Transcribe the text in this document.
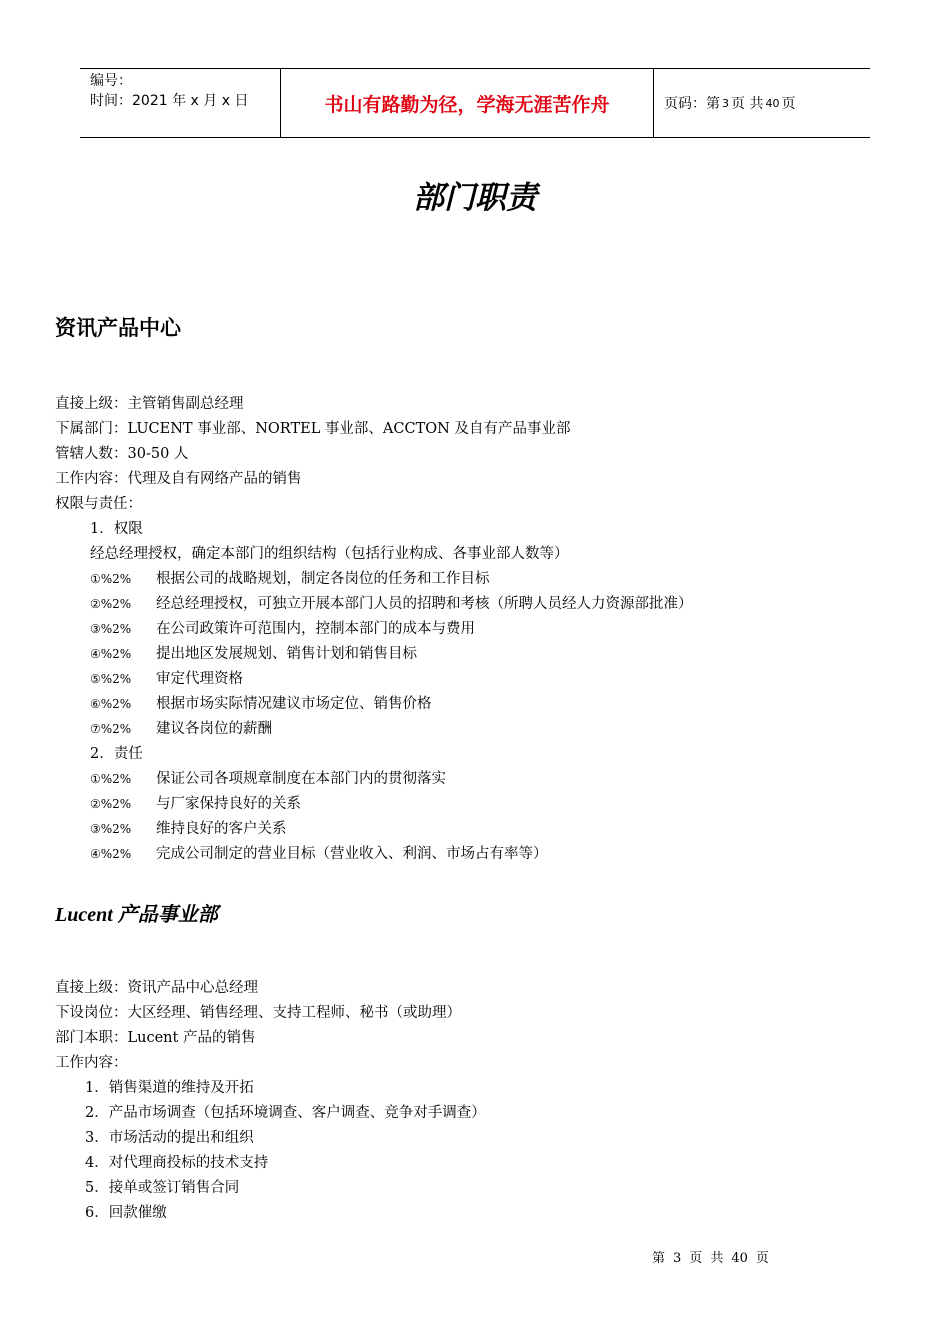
编号：
时间：2021 年 x 月 x 日	书山有路勤为径，学海无涯苦作舟	页码：第 3 页 共 40 页
部门职责
资讯产品中心
直接上级：主管销售副总经理
下属部门：LUCENT 事业部、NORTEL 事业部、ACCTON 及自有产品事业部
管辖人数：30-50 人
工作内容：代理及自有网络产品的销售
权限与责任：
1．权限
经总经理授权，确定本部门的组织结构（包括行业构成、各事业部人数等）
①%2% 根据公司的战略规划，制定各岗位的任务和工作目标
②%2% 经总经理授权，可独立开展本部门人员的招聘和考核（所聘人员经人力资源部批准）
③%2% 在公司政策许可范围内，控制本部门的成本与费用
④%2% 提出地区发展规划、销售计划和销售目标
⑤%2% 审定代理资格
⑥%2% 根据市场实际情况建议市场定位、销售价格
⑦%2% 建议各岗位的薪酬
2．责任
①%2% 保证公司各项规章制度在本部门内的贯彻落实
②%2% 与厂家保持良好的关系
③%2% 维持良好的客户关系
④%2% 完成公司制定的营业目标（营业收入、利润、市场占有率等）
Lucent 产品事业部
直接上级：资讯产品中心总经理
下设岗位：大区经理、销售经理、支持工程师、秘书（或助理）
部门本职：Lucent 产品的销售
工作内容：
1．销售渠道的维持及开拓
2．产品市场调查（包括环境调查、客户调查、竞争对手调查）
3．市场活动的提出和组织
4．对代理商投标的技术支持
5．接单或签订销售合同
6．回款催缴
第 3 页 共 40 页
